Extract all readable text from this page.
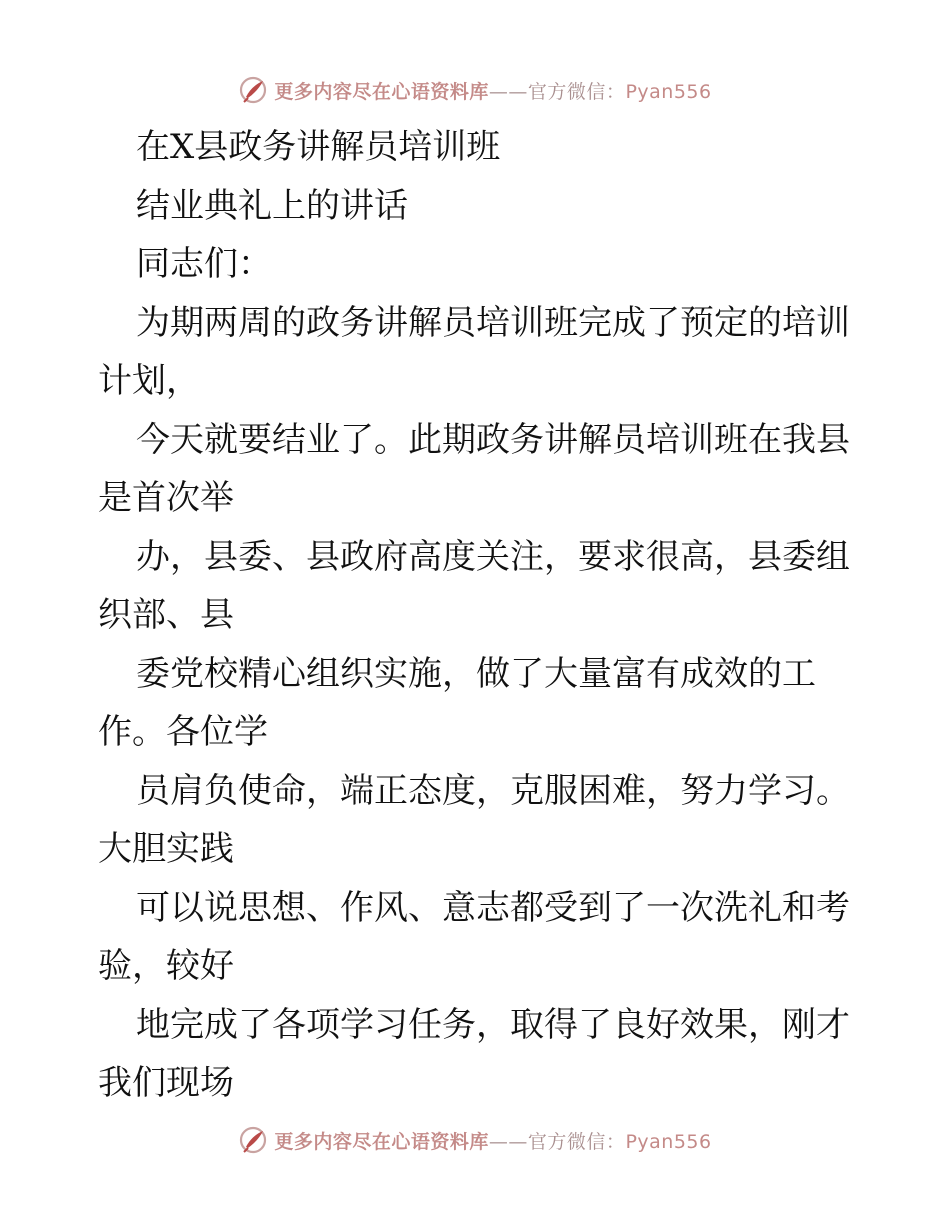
更多内容尽在心语资料库——官方微信：Pyan556
在X县政务讲解员培训班
结业典礼上的讲话
同志们：
为期两周的政务讲解员培训班完成了预定的培训
计划，
今天就要结业了。此期政务讲解员培训班在我县
是首次举
办，县委、县政府高度关注，要求很高，县委组
织部、县
委党校精心组织实施，做了大量富有成效的工
作。各位学
员肩负使命，端正态度，克服困难，努力学习。
大胆实践
可以说思想、作风、意志都受到了一次洗礼和考
验，较好
地完成了各项学习任务，取得了良好效果，刚才
我们现场
更多内容尽在心语资料库——官方微信：Pyan556
